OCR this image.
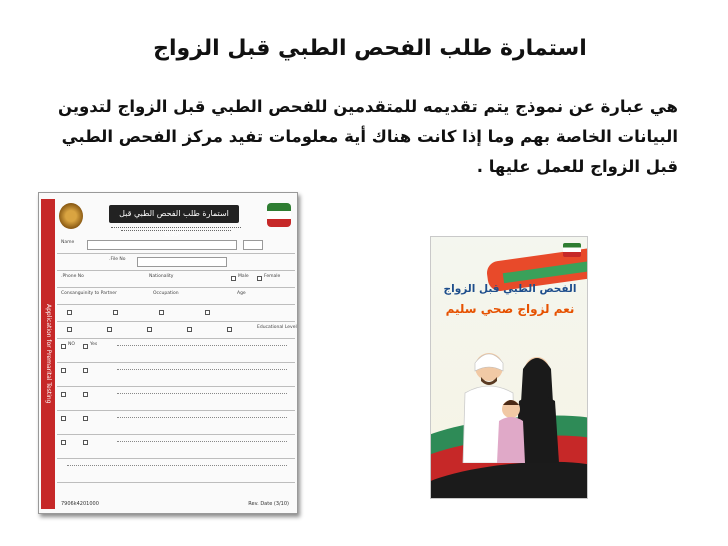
استمارة طلب الفحص الطبي قبل الزواج
هي عبارة عن نموذج يتم تقديمه للمتقدمين للفحص الطبي قبل الزواج لتدوين البيانات الخاصة بهم وما إذا كانت هناك أية معلومات تفيد مركز الفحص الطبي قبل الزواج للعمل عليها .
Application for Premarital Testing
استمارة طلب الفحص الطبي قبل الزواج
Name
File No.
Phone No.	Nationality	Male	Female
Consanguinity to Partner	Occupation	Age
Educational Level
NO	Yes
7906k4201000	Rev. Date (3/10)
الفحص الطبي قبل الزواج
نعم لزواج صحي سليم
